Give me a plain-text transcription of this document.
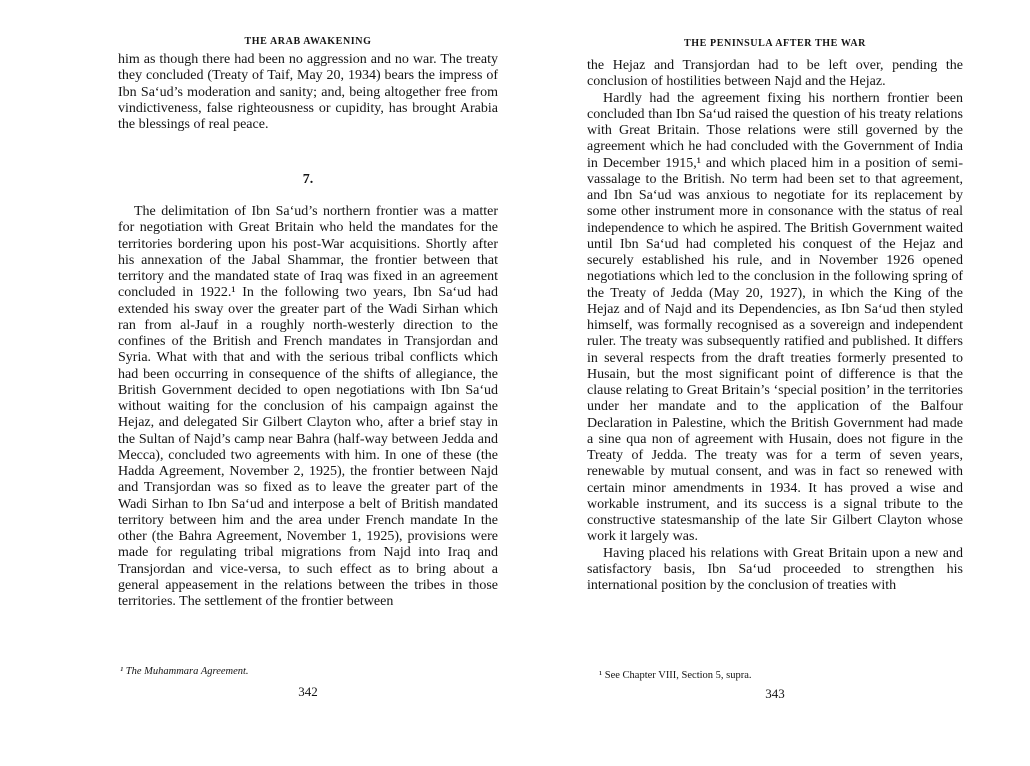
THE ARAB AWAKENING

him as though there had been no aggression and no war. The treaty they concluded (Treaty of Taif, May 20, 1934) bears the impress of Ibn Sa‘ud’s moderation and sanity; and, being altogether free from vindictiveness, false righteousness or cupidity, has brought Arabia the blessings of real peace.

7.

The delimitation of Ibn Sa‘ud’s northern frontier was a matter for negotiation with Great Britain who held the mandates for the territories bordering upon his post-War acquisitions. Shortly after his annexation of the Jabal Shammar, the frontier between that territory and the mandated state of Iraq was fixed in an agreement concluded in 1922.¹ In the following two years, Ibn Sa‘ud had extended his sway over the greater part of the Wadi Sirhan which ran from al-Jauf in a roughly north-westerly direction to the confines of the British and French mandates in Transjordan and Syria. What with that and with the serious tribal conflicts which had been occurring in consequence of the shifts of allegiance, the British Government decided to open negotiations with Ibn Sa‘ud without waiting for the conclusion of his campaign against the Hejaz, and delegated Sir Gilbert Clayton who, after a brief stay in the Sultan of Najd’s camp near Bahra (half-way between Jedda and Mecca), concluded two agreements with him. In one of these (the Hadda Agreement, November 2, 1925), the frontier between Najd and Transjordan was so fixed as to leave the greater part of the Wadi Sirhan to Ibn Sa‘ud and interpose a belt of British mandated territory between him and the area under French mandate In the other (the Bahra Agreement, November 1, 1925), provisions were made for regulating tribal migrations from Najd into Iraq and Transjordan and vice-versa, to such effect as to bring about a general appeasement in the relations between the tribes in those territories. The settlement of the frontier between

¹ The Muhammara Agreement.
342
THE PENINSULA AFTER THE WAR

the Hejaz and Transjordan had to be left over, pending the conclusion of hostilities between Najd and the Hejaz.

Hardly had the agreement fixing his northern frontier been concluded than Ibn Sa‘ud raised the question of his treaty relations with Great Britain. Those relations were still governed by the agreement which he had concluded with the Government of India in December 1915,¹ and which placed him in a position of semi-vassalage to the British. No term had been set to that agreement, and Ibn Sa‘ud was anxious to negotiate for its replacement by some other instrument more in consonance with the status of real independence to which he aspired. The British Government waited until Ibn Sa‘ud had completed his conquest of the Hejaz and securely established his rule, and in November 1926 opened negotiations which led to the conclusion in the following spring of the Treaty of Jedda (May 20, 1927), in which the King of the Hejaz and of Najd and its Dependencies, as Ibn Sa‘ud then styled himself, was formally recognised as a sovereign and independent ruler. The treaty was subsequently ratified and published. It differs in several respects from the draft treaties formerly presented to Husain, but the most significant point of difference is that the clause relating to Great Britain’s ‘special position’ in the territories under her mandate and to the application of the Balfour Declaration in Palestine, which the British Government had made a sine qua non of agreement with Husain, does not figure in the Treaty of Jedda. The treaty was for a term of seven years, renewable by mutual consent, and was in fact so renewed with certain minor amendments in 1934. It has proved a wise and workable instrument, and its success is a signal tribute to the constructive statesmanship of the late Sir Gilbert Clayton whose work it largely was.

Having placed his relations with Great Britain upon a new and satisfactory basis, Ibn Sa‘ud proceeded to strengthen his international position by the conclusion of treaties with

¹ See Chapter VIII, Section 5, supra.
343
